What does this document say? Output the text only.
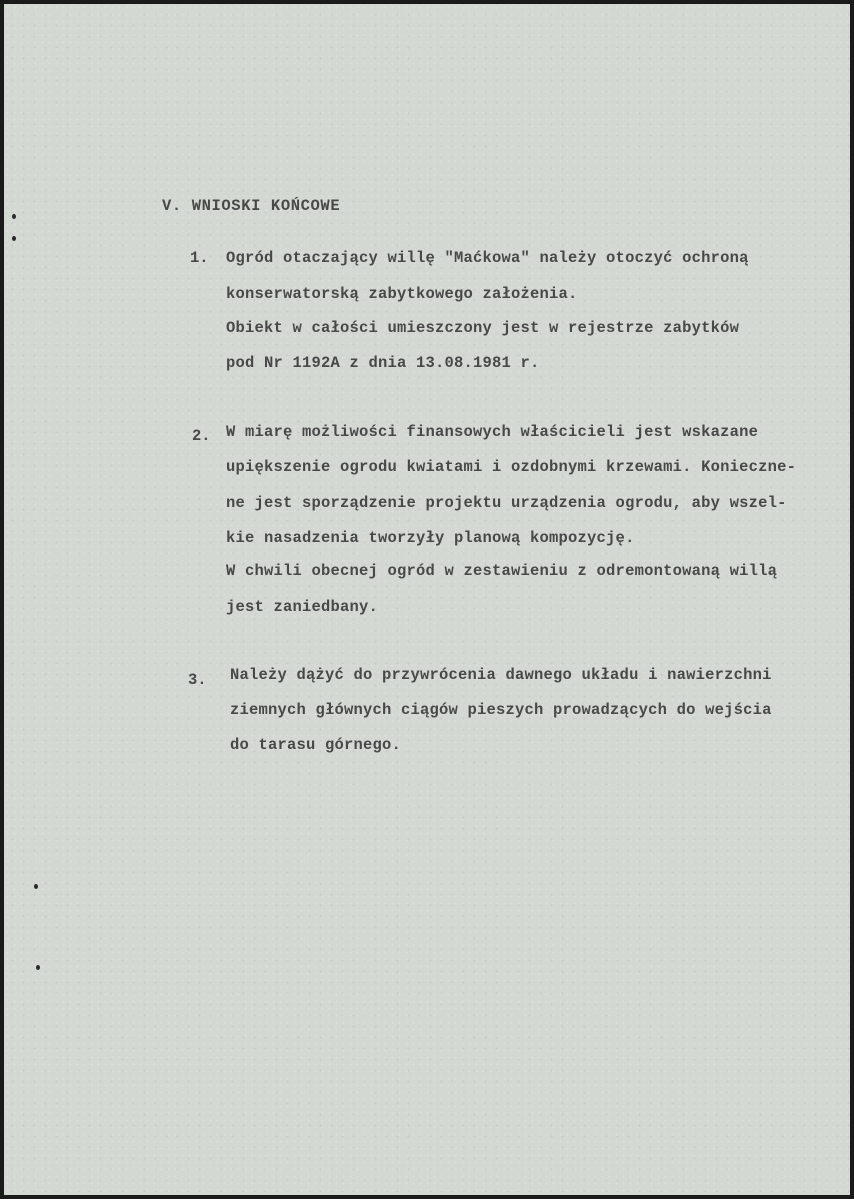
V. WNIOSKI KOŃCOWE
1. Ogród otaczający willę "Maćkowa" należy otoczyć ochroną
konserwatorską zabytkowego założenia.
Obiekt w całości umieszczony jest w rejestrze zabytków
pod Nr 1192A z dnia 13.08.1981 r.
2. W miarę możliwości finansowych właścicieli jest wskazane
upiększenie ogrodu kwiatami i ozdobnymi krzewami. Konieczne-
ne jest sporządzenie projektu urządzenia ogrodu, aby wszel-
kie nasadzenia tworzyły planową kompozycję.
W chwili obecnej ogród w zestawieniu z odremontowaną willą
jest zaniedbany.
3. Należy dążyć do przywrócenia dawnego układu i nawierzchni
ziemnych głównych ciągów pieszych prowadzących do wejścia
do tarasu górnego.
